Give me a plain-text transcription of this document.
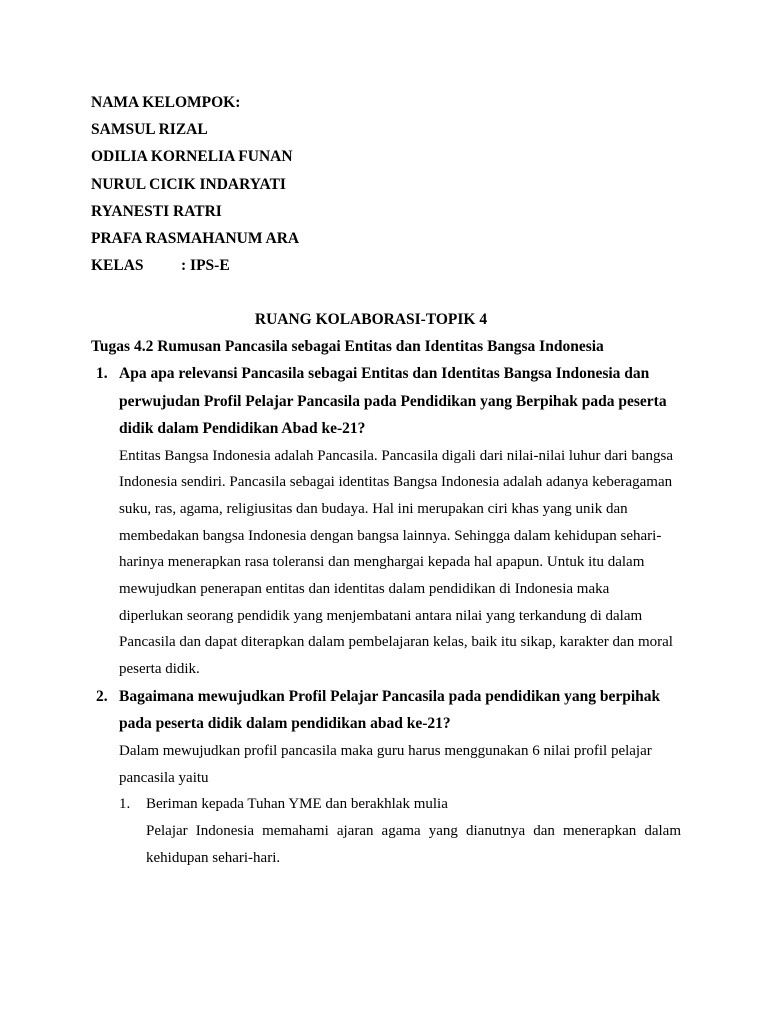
NAMA KELOMPOK:
SAMSUL RIZAL
ODILIA KORNELIA FUNAN
NURUL CICIK INDARYATI
RYANESTI RATRI
PRAFA RASMAHANUM ARA
KELAS : IPS-E
RUANG KOLABORASI-TOPIK 4
Tugas 4.2 Rumusan Pancasila sebagai Entitas dan Identitas Bangsa Indonesia
1. Apa apa relevansi Pancasila sebagai Entitas dan Identitas Bangsa Indonesia dan
perwujudan Profil Pelajar Pancasila pada Pendidikan yang Berpihak pada peserta
didik dalam Pendidikan Abad ke-21?
Entitas Bangsa Indonesia adalah Pancasila. Pancasila digali dari nilai-nilai luhur dari bangsa
Indonesia sendiri. Pancasila sebagai identitas Bangsa Indonesia adalah adanya keberagaman
suku, ras, agama, religiusitas dan budaya. Hal ini merupakan ciri khas yang unik dan
membedakan bangsa Indonesia dengan bangsa lainnya. Sehingga dalam kehidupan sehari-
harinya menerapkan rasa toleransi dan menghargai kepada hal apapun. Untuk itu dalam
mewujudkan penerapan entitas dan identitas dalam pendidikan di Indonesia maka
diperlukan seorang pendidik yang menjembatani antara nilai yang terkandung di dalam
Pancasila dan dapat diterapkan dalam pembelajaran kelas, baik itu sikap, karakter dan moral
peserta didik.
2. Bagaimana mewujudkan Profil Pelajar Pancasila pada pendidikan yang berpihak
pada peserta didik dalam pendidikan abad ke-21?
Dalam mewujudkan profil pancasila maka guru harus menggunakan 6 nilai profil pelajar
pancasila yaitu
1. Beriman kepada Tuhan YME dan berakhlak mulia
Pelajar Indonesia memahami ajaran agama yang dianutnya dan menerapkan dalam kehidupan sehari-hari.
